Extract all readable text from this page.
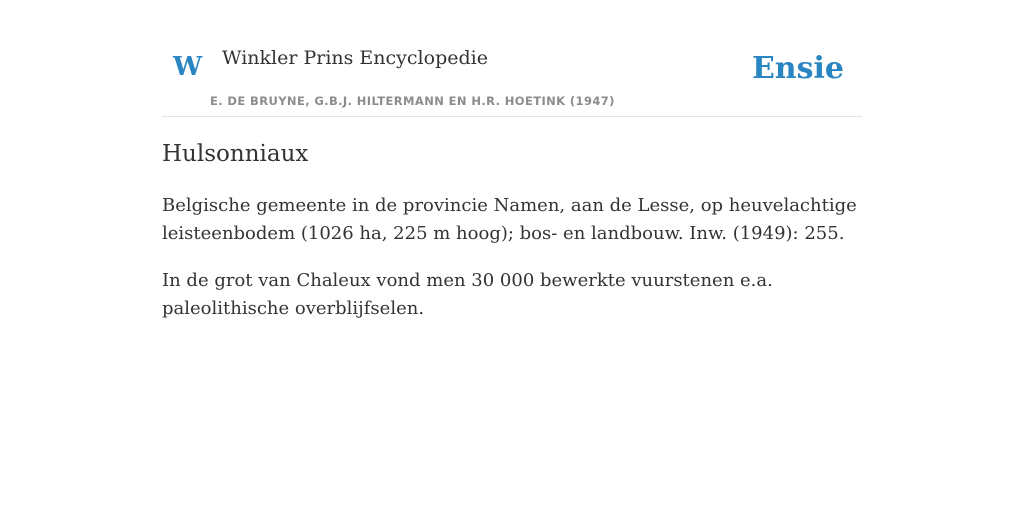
W Winkler Prins Encyclopedie
E. DE BRUYNE, G.B.J. HILTERMANN EN H.R. HOETINK (1947)
Ensie
Hulsonniaux

Belgische gemeente in de provincie Namen, aan de Lesse, op heuvelachtige leisteenbodem (1026 ha, 225 m hoog); bos- en landbouw. Inw. (1949): 255.

In de grot van Chaleux vond men 30 000 bewerkte vuurstenen e.a. paleolithische overblijfselen.
